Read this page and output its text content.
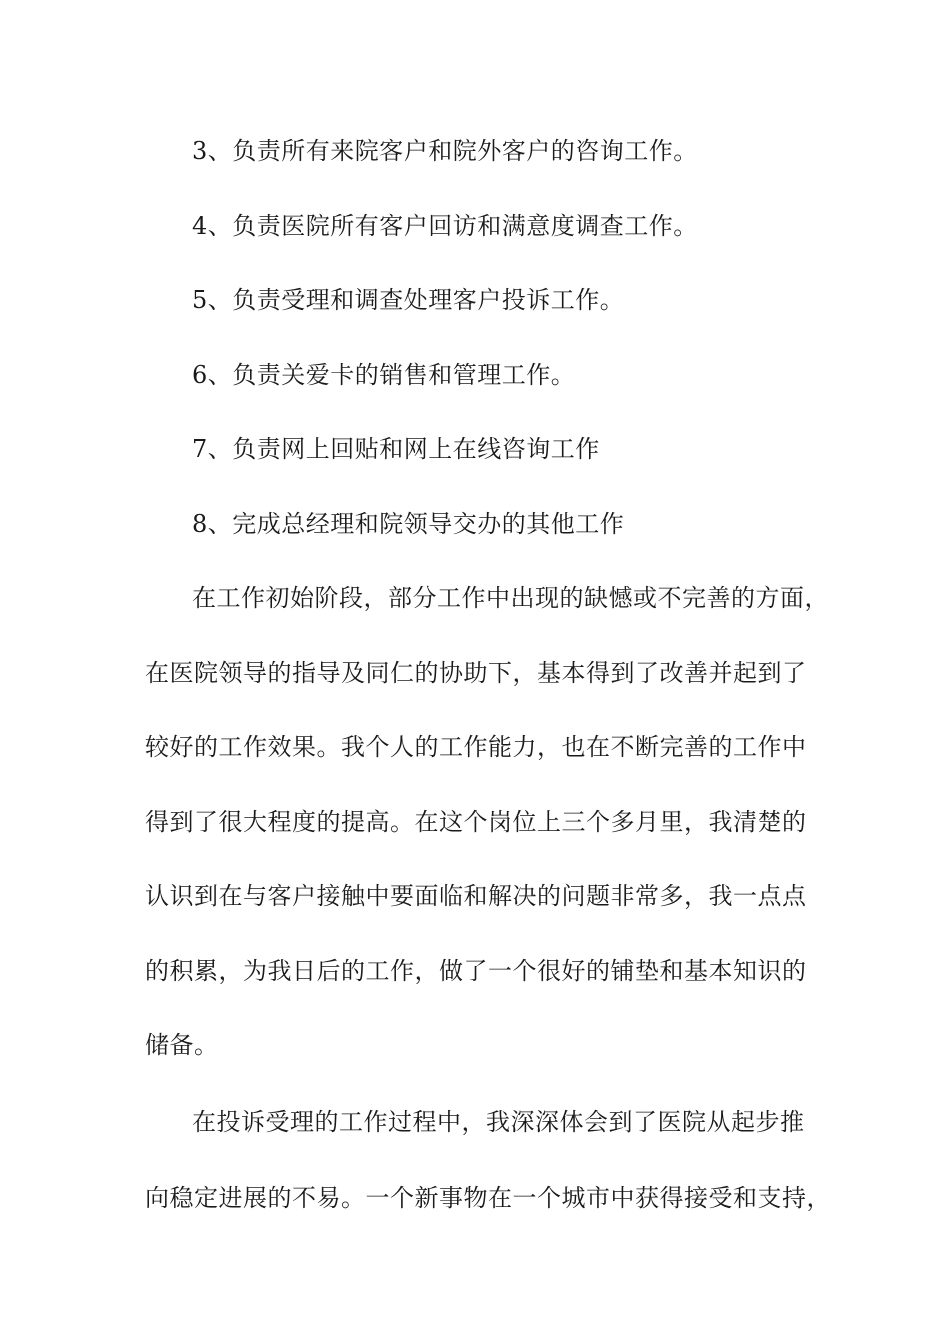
3、负责所有来院客户和院外客户的咨询工作。
4、负责医院所有客户回访和满意度调查工作。
5、负责受理和调查处理客户投诉工作。
6、负责关爱卡的销售和管理工作。
7、负责网上回贴和网上在线咨询工作
8、完成总经理和院领导交办的其他工作
在工作初始阶段，部分工作中出现的缺憾或不完善的方面，
在医院领导的指导及同仁的协助下，基本得到了改善并起到了
较好的工作效果。我个人的工作能力，也在不断完善的工作中
得到了很大程度的提高。在这个岗位上三个多月里，我清楚的
认识到在与客户接触中要面临和解决的问题非常多，我一点点
的积累，为我日后的工作，做了一个很好的铺垫和基本知识的
储备。
在投诉受理的工作过程中，我深深体会到了医院从起步推
向稳定进展的不易。一个新事物在一个城市中获得接受和支持，
